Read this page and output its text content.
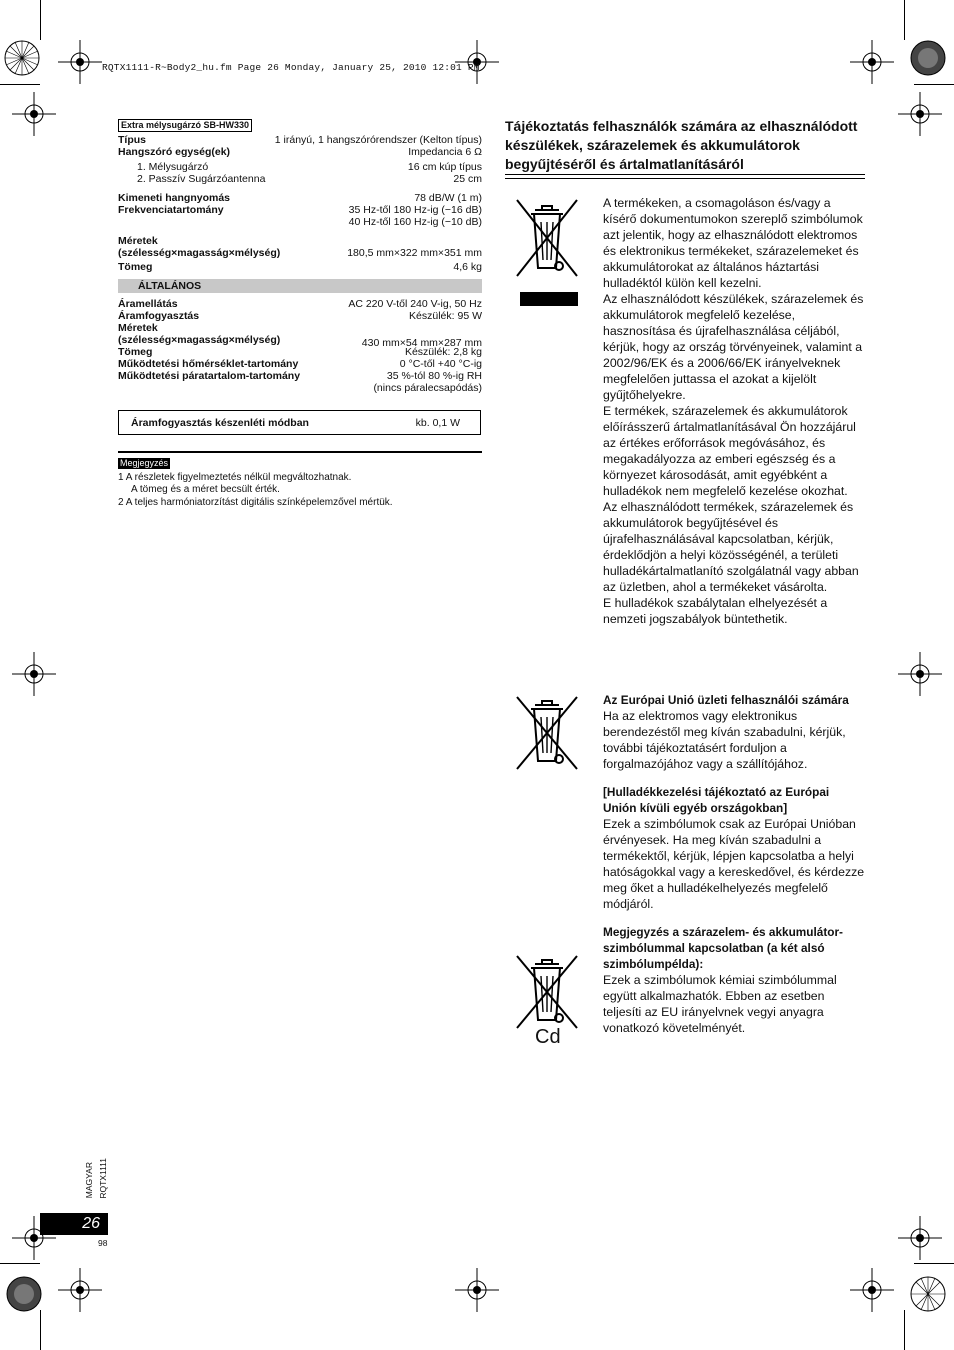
RQTX1111-R~Body2_hu.fm Page 26 Monday, January 25, 2010 12:01 PM
Extra mélysugárzó SB-HW330
Típus	1 irányú, 1 hangszórórendszer (Kelton típus)
Hangszóró egység(ek)	Impedancia 6 Ω
1. Mélysugárzó	16 cm kúp típus
2. Passzív Sugárzóantenna	25 cm
Kimeneti hangnyomás	78 dB/W (1 m)
Frekvenciatartomány	35 Hz-től 180 Hz-ig (−16 dB)
40 Hz-től 160 Hz-ig (−10 dB)
Méretek
(szélesség×magasság×mélység)	180,5 mm×322 mm×351 mm
Tömeg	4,6 kg
ÁLTALÁNOS
Áramellátás	AC 220 V-től 240 V-ig, 50 Hz
Áramfogyasztás	Készülék: 95 W
Méretek
(szélesség×magasság×mélység)	430 mm×54 mm×287 mm
Tömeg	Készülék: 2,8 kg
Működtetési hőmérséklet-tartomány	0 °C-től +40 °C-ig
Működtetési páratartalom-tartomány	35 %-tól 80 %-ig RH
(nincs páralecsapódás)
Áramfogyasztás készenléti módban	kb. 0,1 W
Megjegyzés
1 A részletek figyelmeztetés nélkül megváltozhatnak.
A tömeg és a méret becsült érték.
2 A teljes harmóniatorzítást digitális színképelemzővel mértük.
Tájékoztatás felhasználók számára az elhasználódott készülékek, szárazelemek és akkumulátorok begyűjtéséről és ártalmatlanításáról

A termékeken, a csomagoláson és/vagy a kísérő dokumentumokon szereplő szimbólumok azt jelentik, hogy az elhasználódott elektromos és elektronikus termékeket, szárazelemeket és akkumulátorokat az általános háztartási hulladéktól külön kell kezelni.

Az elhasználódott készülékek, szárazelemek és akkumulátorok megfelelő kezelése, hasznosítása és újrafelhasználása céljából, kérjük, hogy az ország törvényeinek, valamint a 2002/96/EK és a 2006/66/EK irányelveknek megfelelően juttassa el azokat a kijelölt gyűjtőhelyekre.

E termékek, szárazelemek és akkumulátorok előírásszerű ártalmatlanításával Ön hozzájárul az értékes erőforrások megóvásához, és megakadályozza az emberi egészség és a környezet károsodását, amit egyébként a hulladékok nem megfelelő kezelése okozhat.

Az elhasználódott termékek, szárazelemek és akkumulátorok begyűjtésével és újrafelhasználásával kapcsolatban, kérjük, érdeklődjön a helyi közösségénél, a területi hulladékártalmatlanító szolgálatnál vagy abban az üzletben, ahol a termékeket vásárolta.

E hulladékok szabálytalan elhelyezését a nemzeti jogszabályok büntethetik.

Az Európai Unió üzleti felhasználói számára

Ha az elektromos vagy elektronikus berendezéstől meg kíván szabadulni, kérjük, további tájékoztatásért forduljon a forgalmazójához vagy a szállítójához.

[Hulladékkezelési tájékoztató az Európai Unión kívüli egyéb országokban]

Ezek a szimbólumok csak az Európai Unióban érvényesek. Ha meg kíván szabadulni a termékektől, kérjük, lépjen kapcsolatba a helyi hatóságokkal vagy a kereskedővel, és kérdezze meg őket a hulladékelhelyezés megfelelő módjáról.

Megjegyzés a szárazelem- és akkumulátor-szimbólummal kapcsolatban (a két alsó szimbólumpélda):

Ezek a szimbólumok kémiai szimbólummal együtt alkalmazhatók. Ebben az esetben teljesíti az EU irányelvnek vegyi anyagra vonatkozó követelményét.

Cd
MAGYAR RQTX1111
26
98
